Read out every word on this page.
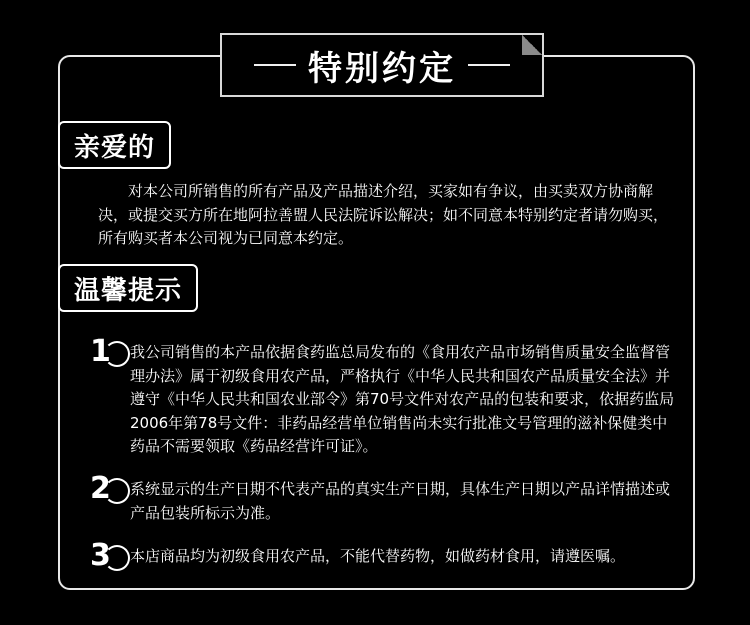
特别约定
亲爱的
　　对本公司所销售的所有产品及产品描述介绍，买家如有争议，由买卖双方协商解决，或提交买方所在地阿拉善盟人民法院诉讼解决；如不同意本特别约定者请勿购买，所有购买者本公司视为已同意本约定。
温馨提示
1 我公司销售的本产品依据食药监总局发布的《食用农产品市场销售质量安全监督管理办法》属于初级食用农产品，严格执行《中华人民共和国农产品质量安全法》并遵守《中华人民共和国农业部令》第70号文件对农产品的包装和要求，依据药监局2006年第78号文件：非药品经营单位销售尚未实行批准文号管理的滋补保健类中药品不需要领取《药品经营许可证》。
2 系统显示的生产日期不代表产品的真实生产日期，具体生产日期以产品详情描述或产品包装所标示为准。
3 本店商品均为初级食用农产品，不能代替药物，如做药材食用，请遵医嘱。
